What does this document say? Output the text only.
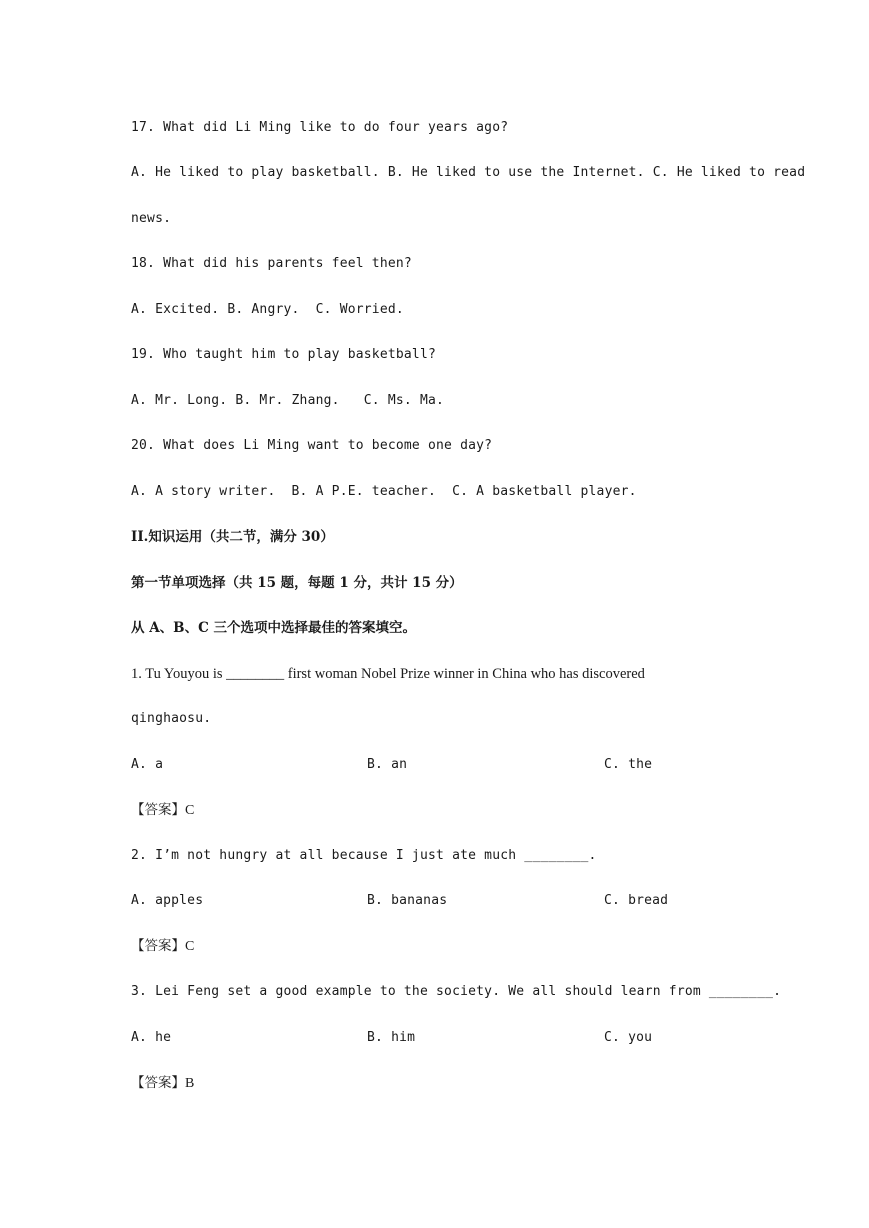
17. What did Li Ming like to do four years ago?
A. He liked to play basketball. B. He liked to use the Internet. C. He liked to read
news.
18. What did his parents feel then?
A. Excited. B. Angry.  C. Worried.
19. Who taught him to play basketball?
A. Mr. Long. B. Mr. Zhang.   C. Ms. Ma.
20. What does Li Ming want to become one day?
A. A story writer.  B. A P.E. teacher.  C. A basketball player.
II.知识运用（共二节，满分 30）
第一节单项选择（共 15 题，每题 1 分，共计 15 分）
从 A、B、C 三个选项中选择最佳的答案填空。
1. Tu Youyou is ________ first woman Nobel Prize winner in China who has discovered
qinghaosu.
A. a	B. an	C. the
【答案】C
2. I’m not hungry at all because I just ate much ________.
A. apples	B. bananas	C. bread
【答案】C
3. Lei Feng set a good example to the society. We all should learn from ________.
A. he	B. him	C. you
【答案】B
